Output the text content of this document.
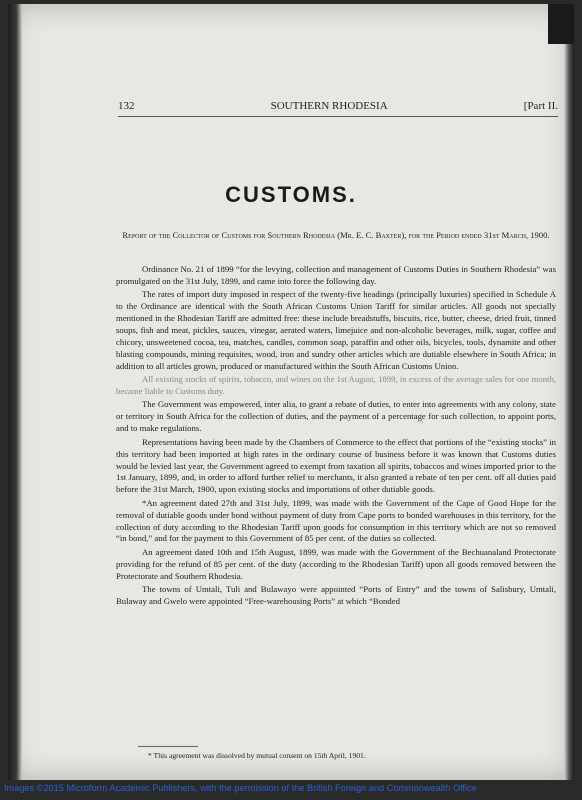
132	SOUTHERN RHODESIA	[Part II.
CUSTOMS.
Report of the Collector of Customs for Southern Rhodesia (Mr. E. C. Baxter), for the Period ended 31st March, 1900.

Ordinance No. 21 of 1899 “for the levying, collection and management of Customs Duties in Southern Rhodesia” was promulgated on the 31st July, 1899, and came into force the following day.

The rates of import duty imposed in respect of the twenty-five headings (principally luxuries) specified in Schedule A to the Ordinance are identical with the South African Customs Union Tariff for similar articles. All goods not specially mentioned in the Rhodesian Tariff are admitted free: these include breadstuffs, biscuits, rice, butter, cheese, dried fruit, tinned soups, fish and meat, pickles, sauces, vinegar, aerated waters, limejuice and non-alcoholic beverages, milk, sugar, coffee and chicory, unsweetened cocoa, tea, matches, candles, common soap, paraffin and other oils, bicycles, tools, dynamite and other blasting compounds, mining requisites, wood, iron and sundry other articles which are dutiable elsewhere in South Africa; in addition to all articles grown, produced or manufactured within the South African Customs Union.

All existing stocks of spirits, tobacco, and wines on the 1st August, 1899, in excess of the average sales for one month, became liable to Customs duty.

The Government was empowered, inter alia, to grant a rebate of duties, to enter into agreements with any colony, state or territory in South Africa for the collection of duties, and the payment of a percentage for such collection, to appoint ports, and to make regulations.

Representations having been made by the Chambers of Commerce to the effect that portions of the “existing stocks” in this territory had been imported at high rates in the ordinary course of business before it was known that Customs duties would be levied last year, the Government agreed to exempt from taxation all spirits, tobaccos and wines imported prior to the 1st January, 1899, and, in order to afford further relief to merchants, it also granted a rebate of ten per cent. off all duties paid before the 31st March, 1900, upon existing stocks and importations of other dutiable goods.

*An agreement dated 27th and 31st July, 1899, was made with the Government of the Cape of Good Hope for the removal of dutiable goods under bond without payment of duty from Cape ports to bonded warehouses in this territory, for the collection of duty according to the Rhodesian Tariff upon goods for consumption in this territory which are not so removed “in bond,” and for the payment to this Government of 85 per cent. of the duties so collected.

An agreement dated 10th and 15th August, 1899, was made with the Government of the Bechuanaland Protectorate providing for the refund of 85 per cent. of the duty (according to the Rhodesian Tariff) upon all goods removed between the Protectorate and Southern Rhodesia.

The towns of Umtali, Tuli and Bulawayo were appointed “Ports of Entry” and the towns of Salisbury, Umtali, Bulaway and Gwelo were appointed “Free-warehousing Ports” at which “Bonded

* This agreement was dissolved by mutual consent on 15th April, 1901.
Images ©2015 Microform Academic Publishers, with the permission of the British Foreign and Commonwealth Office
